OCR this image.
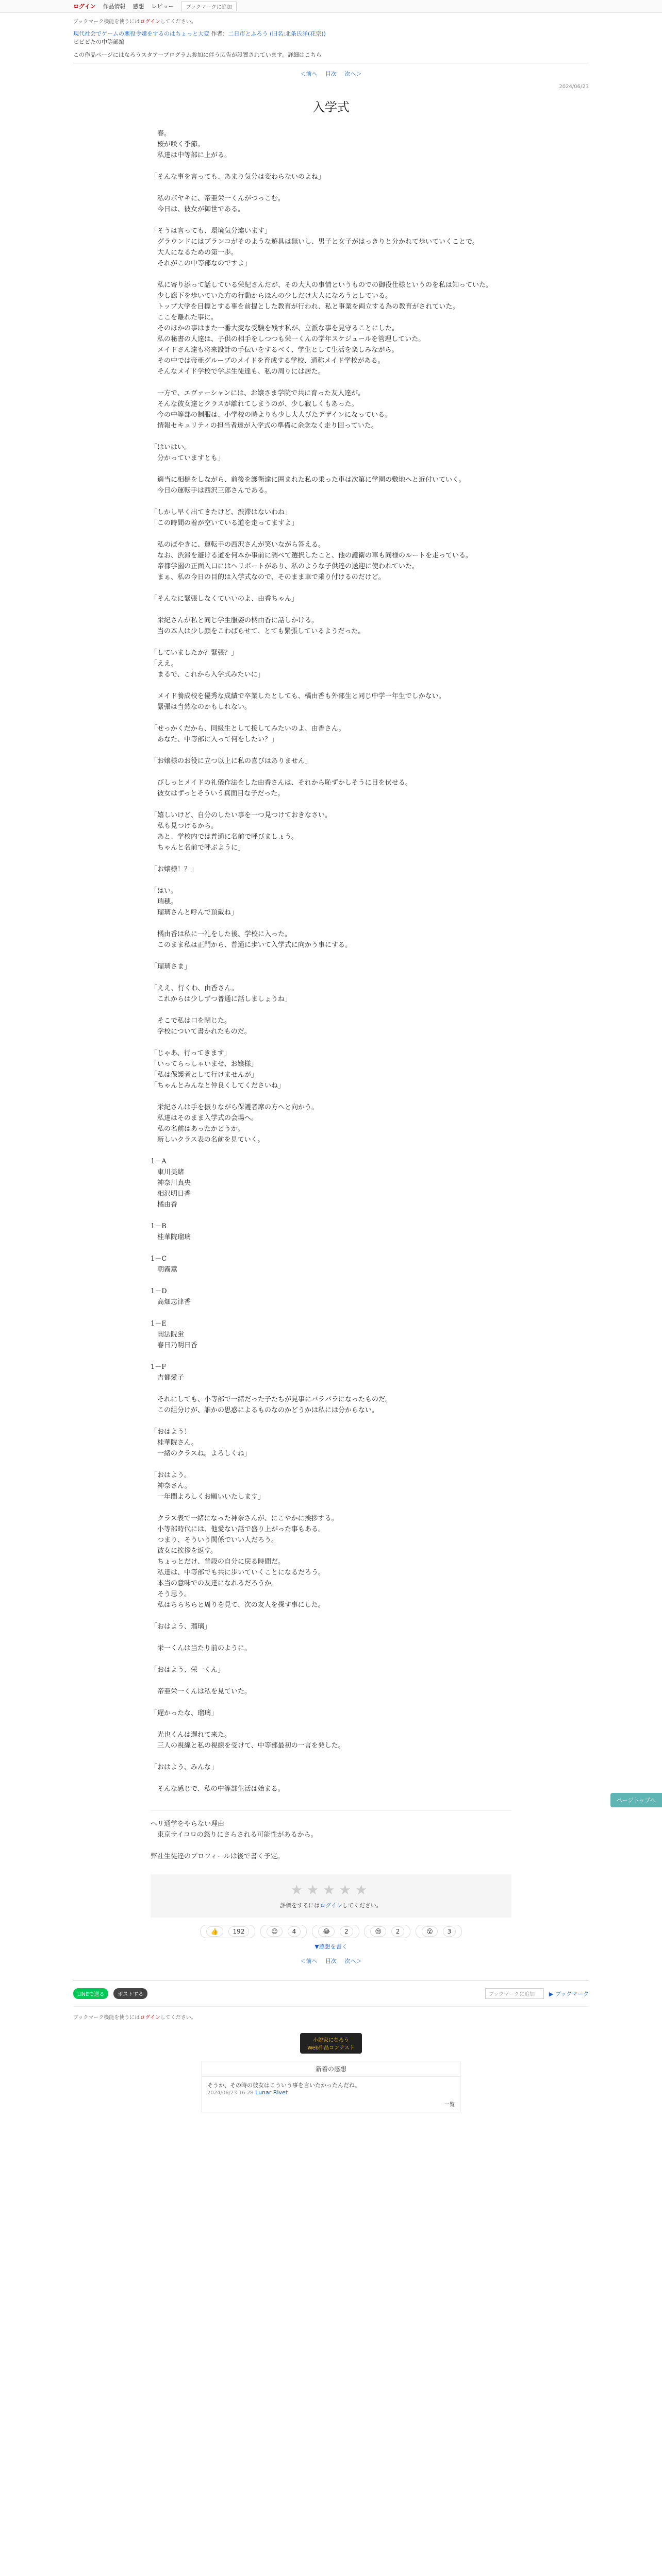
ログイン 作品情報 感想 レビュー	ブックマークに追加
ブックマーク機能を使うにはログインしてください。
現代社会でゲームの悪役令嬢をするのはちょっと大変 作者：二日市とふろう (旧名:北条氏洋(花宗))
ビビビたの中等部編
この作品ページにはなろうスタアープログラム参加に伴う広告が設置されています。詳細はこちら
＜前へ 目次 次へ＞
2024/06/23
入学式

　春。

　桜が咲く季節。

　私達は中等部に上がる。

「そんな事を言っても、あまり気分は変わらないのよね」

　私のボヤキに、帝亜栄一くんがつっこむ。

　今日は、彼女が御世である。

「そうは言っても、環境気分違います」

　グラウンドにはブランコがそのような遊具は無いし、男子と女子がはっきりと分かれて歩いていくことで。

　大人になるための第一歩。

　それがこの中等部なのですよ」

　私に寄り添って話している栄紀さんだが、その大人の事情というものでの御役仕様というのを私は知っていた。

　少し廊下を歩いていた方の行動からほんの少しだけ大人になろうとしている。

　トップ大学を目標とする事を前提とした教育が行われ、私と事業を両立する為の教育がされていた。

　ここを離れた事に。

　そのほかの事はまた一番大変な受験を残す私が、立派な事を見守ることにした。

　私の秘書の人達は、子供の相手をしつつも栄一くんの学年スケジュールを管理していた。

　メイドさん達も将来設計の手伝いをするべく、学生として生活を楽しみながら。

　その中では帝亜グループのメイドを育成する学校、通称メイド学校がある。

　そんなメイド学校で学ぶ生徒達も、私の周りには居た。

　一方で、エヴァーシャンには、お嬢さま学院で共に育った友人達が。

　そんな彼女達とクラスが離れてしまうのが、少し寂しくもあった。

　今の中等部の制服は、小学校の時よりも少し大人びたデザインになっている。

　情報セキュリティの担当者達が入学式の準備に余念なく走り回っていた。

「はいはい。

　分かっていますとも」

　適当に相槌をしながら、前後を護衛達に囲まれた私の乗った車は次第に学園の敷地へと近付いていく。

　今日の運転手は西沢三郎さんである。

「しかし早く出てきたけど、渋滞はないわね」

「この時間の着が空いている道を走ってますよ」

　私のぼやきに、運転手の西沢さんが笑いながら答える。

　なお、渋滞を避ける道を何本か事前に調べて選択したこと、他の護衛の車も同様のルートを走っている。

　帝都学園の正面入口にはヘリポートがあり、私のような子供達の送迎に使われていた。

　まぁ、私の今日の目的は入学式なので、そのまま車で乗り付けるのだけど。

「そんなに緊張しなくていいのよ、由香ちゃん」

　栄紀さんが私と同じ学生服姿の橘由香に話しかける。

　当の本人は少し顔をこわばらせて、とても緊張しているようだった。

「していましたか？緊張？」

「ええ。

　まるで、これから入学式みたいに」

　メイド養成校を優秀な成績で卒業したとしても、橘由香も外部生と同じ中学一年生でしかない。

　緊張は当然なのかもしれない。

「せっかくだから、同級生として接してみたいのよ、由香さん。

　あなた、中等部に入って何をしたい？」

「お嬢様のお役に立つ以上に私の喜びはありません」

　びしっとメイドの礼儀作法をした由香さんは、それから恥ずかしそうに目を伏せる。

　彼女はずっとそういう真面目な子だった。

「嬉しいけど、自分のしたい事を一つ見つけておきなさい。

　私も見つけるから。

　あと、学校内では普通に名前で呼びましょう。

　ちゃんと名前で呼ぶように」

「お嬢様！？」

「はい。

　瑞穂。

　瑠璃さんと呼んで頂戴ね」

　橘由香は私に一礼をした後、学校に入った。

　このまま私は正門から、普通に歩いて入学式に向かう事にする。

「瑠璃さま」

「ええ、行くわ、由香さん。

　これからは少しずつ普通に話しましょうね」

　そこで私は口を閉じた。

　学校について書かれたものだ。

「じゃあ、行ってきます」

「いってらっしゃいませ、お嬢様」

「私は保護者として行けませんが」

「ちゃんとみんなと仲良くしてくださいね」

　栄紀さんは手を振りながら保護者席の方へと向かう。

　私達はそのまま入学式の会場へ。

　私の名前はあったかどうか。

　新しいクラス表の名前を見ていく。

1－A

　東川美緒

　神奈川真央

　相沢明日香

　橘由香

1－B

　桂華院瑠璃

1－C

　朝霧薫

1－D

　高畑志津香

1－E

　開法院蛍

　春日乃明日香

1－F

　吉都愛子

　それにしても、小等部で一緒だった子たちが見事にバラバラになったものだ。

　この組分けが、誰かの思惑によるものなのかどうかは私には分からない。

「おはよう！

　桂華院さん。

　一緒のクラスね。よろしくね」

「おはよう。

　神奈さん。

　一年間よろしくお願いいたします」

　クラス表で一緒になった神奈さんが、にこやかに挨拶する。

　小等部時代には、他愛ない話で盛り上がった事もある。

　つまり、そういう関係でいい人だろう。

　彼女に挨拶を返す。

　ちょっとだけ、普段の自分に戻る時間だ。

　私達は、中等部でも共に歩いていくことになるだろう。

　本当の意味での友達になれるだろうか。

　そう思う。

　私はちらちらと周りを見て、次の友人を探す事にした。

「おはよう、瑠璃」

　栄一くんは当たり前のように。

「おはよう、栄一くん」

　帝亜栄一くんは私を見ていた。

「遅かったな、瑠璃」

　光也くんは遅れて来た。

　三人の視線と私の視線を受けて、中等部最初の一言を発した。

「おはよう、みんな」

　そんな感じで、私の中等部生活は始まる。

ヘリ通学をやらない理由

　東京サイコロの怒りにさらされる可能性があるから。

弊社生徒達のプロフィールは後で書く予定。

★★★★★
評価をするにはログインしてください。
👍 192	😊 4	😂 2	😢 2	😮 3
▼感想を書く
＜前へ 目次 次へ＞
LINEで送る	ポストする	ブックマークに追加	▶ ブックマーク
ブックマーク機能を使うにはログインしてください。
小説家になろう
Web作品コンテスト
新着の感想
そうか、その時の彼女はこういう事を言いたかったんだね。
2024/06/23 16:28 Lunar Rivet
一覧
ページトップへ
